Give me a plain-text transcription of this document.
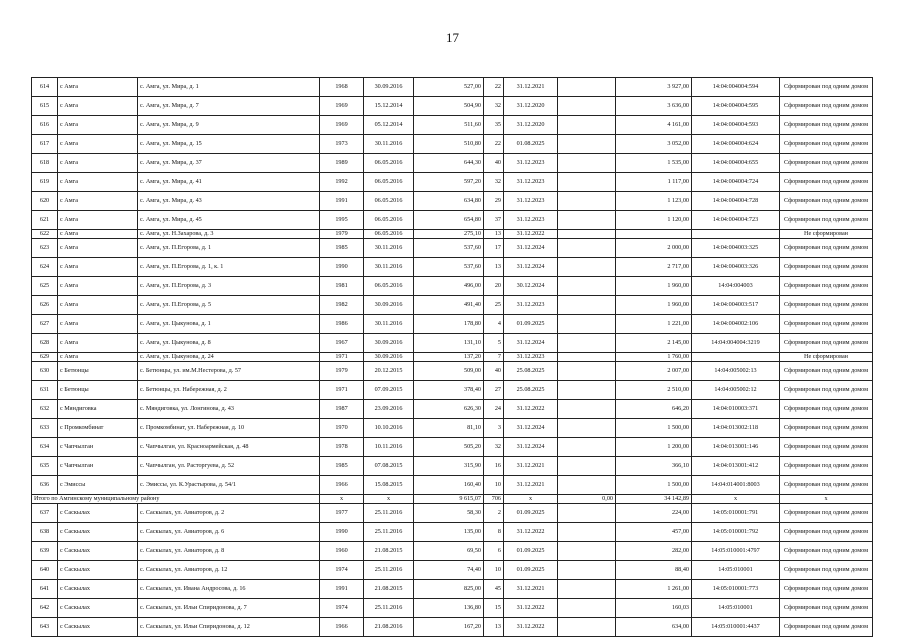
17
614	с Амга	с. Амга, ул. Мира, д. 1	1968	30.09.2016	527,00	22	31.12.2021		3 927,00	14:04:004004:594	Сформирован под одним домом
615	с Амга	с. Амга, ул. Мира, д. 7	1969	15.12.2014	504,90	32	31.12.2020		3 636,00	14:04:004004:595	Сформирован под одним домом
616	с Амга	с. Амга, ул. Мира, д. 9	1969	05.12.2014	511,60	35	31.12.2020		4 161,00	14:04:004004:593	Сформирован под одним домом
617	с Амга	с. Амга, ул. Мира, д. 15	1973	30.11.2016	510,80	22	01.08.2025		3 052,00	14:04:004004:624	Сформирован под одним домом
618	с Амга	с. Амга, ул. Мира, д. 37	1989	06.05.2016	644,30	40	31.12.2023		1 535,00	14:04:004004:655	Сформирован под одним домом
619	с Амга	с. Амга, ул. Мира, д. 41	1992	06.05.2016	597,20	32	31.12.2023		1 117,00	14:04:004004:724	Сформирован под одним домом
620	с Амга	с. Амга, ул. Мира, д. 43	1991	06.05.2016	634,80	29	31.12.2023		1 123,00	14:04:004004:728	Сформирован под одним домом
621	с Амга	с. Амга, ул. Мира, д. 45	1995	06.05.2016	654,80	37	31.12.2023		1 120,00	14:04:004004:723	Сформирован под одним домом
622	с Амга	с. Амга, ул. Н.Захарова, д. 3	1979	06.05.2016	275,10	13	31.12.2022				Не сформирован
623	с Амга	с. Амга, ул. П.Егорова, д. 1	1985	30.11.2016	537,60	17	31.12.2024		2 000,00	14:04:004003:325	Сформирован под одним домом
624	с Амга	с. Амга, ул. П.Егорова, д. 1, к. 1	1990	30.11.2016	537,60	13	31.12.2024		2 717,00	14:04:004003:326	Сформирован под одним домом
625	с Амга	с. Амга, ул. П.Егорова, д. 3	1981	06.05.2016	496,00	20	30.12.2024		1 960,00	14:04:004003	Сформирован под одним домом
626	с Амга	с. Амга, ул. П.Егорова, д. 5	1982	30.09.2016	491,40	25	31.12.2023		1 960,00	14:04:004003:517	Сформирован под одним домом
627	с Амга	с. Амга, ул. Цыкунова, д. 1	1986	30.11.2016	178,80	4	01.09.2025		1 221,00	14:04:004002:106	Сформирован под одним домом
628	с Амга	с. Амга, ул. Цыкунова, д. 8	1967	30.09.2016	131,10	5	31.12.2024		2 145,00	14:04:004004:3219	Сформирован под одним домом
629	с Амга	с. Амга, ул. Цыкунова, д. 24	1971	30.09.2016	137,20	7	31.12.2023		1 760,00		Не сформирован
630	с Бетюнцы	с. Бетюнцы, ул. им.М.Нестерова, д. 57	1979	20.12.2015	509,00	40	25.08.2025		2 007,00	14:04:005002:13	Сформирован под одним домом
631	с Бетюнцы	с. Бетюнцы, ул. Набережная, д. 2	1971	07.09.2015	378,40	27	25.08.2025		2 510,00	14:04:005002:12	Сформирован под одним домом
632	с Мяндиговка	с. Мяндиговка, ул. Лонгинова, д. 43	1987	23.09.2016	626,30	24	31.12.2022		646,20	14:04:010003:371	Сформирован под одним домом
633	с Промкомбинат	с. Промкомбинат, ул. Набережная, д. 10	1970	10.10.2016	81,10	3	31.12.2024		1 500,00	14:04:013002:118	Сформирован под одним домом
634	с Чапчылган	с. Чапчылган, ул. Красноармейская, д. 48	1978	10.11.2016	505,20	32	31.12.2024		1 200,00	14:04:013001:146	Сформирован под одним домом
635	с Чапчылган	с. Чапчылган, ул. Расторгуева, д. 52	1985	07.08.2015	315,90	16	31.12.2021		366,10	14:04:013001:412	Сформирован под одним домом
636	с Эмиссы	с. Эмиссы, ул. К.Урастырова, д. 54/1	1966	15.08.2015	160,40	10	31.12.2021		1 500,00	14:04:014001:8003	Сформирован под одним домом
Итого по Амгинскому муниципальному району			x	x	9 615,07	706	x	0,00	34 142,89	x	x
637	с Саскылах	с. Саскылах, ул. Авиаторов, д. 2	1977	25.11.2016	58,30	2	01.09.2025		224,00	14:05:010001:791	Сформирован под одним домом
638	с Саскылах	с. Саскылах, ул. Авиаторов, д. 6	1990	25.11.2016	135,00	8	31.12.2022		457,00	14:05:010001:792	Сформирован под одним домом
639	с Саскылах	с. Саскылах, ул. Авиаторов, д. 8	1960	21.08.2015	69,50	6	01.09.2025		282,00	14:05:010001:4797	Сформирован под одним домом
640	с Саскылах	с. Саскылах, ул. Авиаторов, д. 12	1974	25.11.2016	74,40	10	01.09.2025		88,40	14:05:010001	Сформирован под одним домом
641	с Саскылах	с. Саскылах, ул. Ивана Андросова, д. 16	1991	21.08.2015	825,00	45	31.12.2021		1 261,00	14:05:010001:773	Сформирован под одним домом
642	с Саскылах	с. Саскылах, ул. Ильи Спиридонова, д. 7	1974	25.11.2016	136,80	15	31.12.2022		160,03	14:05:010001	Сформирован под одним домом
643	с Саскылах	с. Саскылах, ул. Ильи Спиридонова, д. 12	1966	21.08.2016	167,20	13	31.12.2022		634,00	14:05:010001:4437	Сформирован под одним домом
